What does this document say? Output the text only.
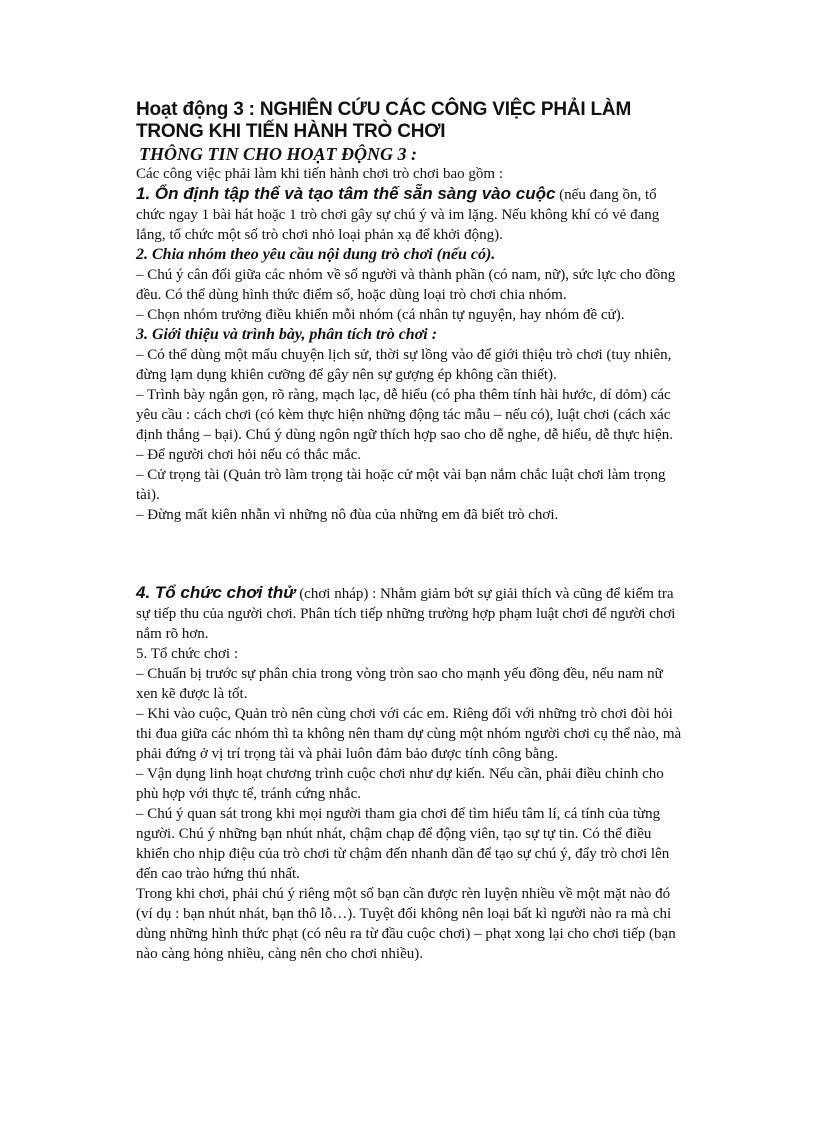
Hoạt động 3 : NGHIÊN CỨU CÁC CÔNG VIỆC PHẢI LÀM
TRONG KHI TIẾN HÀNH TRÒ CHƠI
THÔNG TIN CHO HOẠT ĐỘNG 3 :

Các công việc phải làm khi tiến hành chơi trò chơi bao gồm :

1. Ổn định tập thể và tạo tâm thế sẵn sàng vào cuộc (nếu đang ồn, tổ chức ngay 1 bài hát hoặc 1 trò chơi gây sự chú ý và im lặng. Nếu không khí có vẻ đang lắng, tổ chức một số trò chơi nhỏ loại phản xạ để khởi động).

2. Chia nhóm theo yêu cầu nội dung trò chơi (nếu có).

– Chú ý cân đối giữa các nhóm về số người và thành phần (có nam, nữ), sức lực cho đồng đều. Có thể dùng hình thức điểm số, hoặc dùng loại trò chơi chia nhóm.

– Chọn nhóm trưởng điều khiển mỗi nhóm (cá nhân tự nguyện, hay nhóm đề cử).

3. Giới thiệu và trình bày, phân tích trò chơi :

– Có thể dùng một mẩu chuyện lịch sử, thời sự lồng vào để giới thiệu trò chơi (tuy nhiên, đừng lạm dụng khiên cưỡng để gây nên sự gượng ép không cần thiết).

– Trình bày ngắn gọn, rõ ràng, mạch lạc, dễ hiểu (có pha thêm tính hài hước, dí dỏm) các yêu cầu : cách chơi (có kèm thực hiện những động tác mẫu – nếu có), luật chơi (cách xác định thắng – bại). Chú ý dùng ngôn ngữ thích hợp sao cho dễ nghe, dễ hiểu, dễ thực hiện.

– Để người chơi hỏi nếu có thắc mắc.

– Cử trọng tài (Quản trò làm trọng tài hoặc cử một vài bạn nắm chắc luật chơi làm trọng tài).

– Đừng mất kiên nhẫn vì những nô đùa của những em đã biết trò chơi.

4. Tổ chức chơi thử (chơi nháp) : Nhằm giảm bớt sự giải thích và cũng để kiểm tra sự tiếp thu của người chơi. Phân tích tiếp những trường hợp phạm luật chơi để người chơi nắm rõ hơn.

5. Tổ chức chơi :

– Chuẩn bị trước sự phân chia trong vòng tròn sao cho mạnh yếu đồng đều, nếu nam nữ xen kẽ được là tốt.

– Khi vào cuộc, Quản trò nên cùng chơi với các em. Riêng đối với những trò chơi đòi hỏi thi đua giữa các nhóm thì ta không nên tham dự cùng một nhóm người chơi cụ thể nào, mà phải đứng ở vị trí trọng tài và phải luôn đảm bảo được tính công bằng.

– Vận dụng linh hoạt chương trình cuộc chơi như dự kiến. Nếu cần, phải điều chỉnh cho phù hợp với thực tế, tránh cứng nhắc.

– Chú ý quan sát trong khi mọi người tham gia chơi để tìm hiểu tâm lí, cá tính của từng người. Chú ý những bạn nhút nhát, chậm chạp để động viên, tạo sự tự tin. Có thể điều khiển cho nhịp điệu của trò chơi từ chậm đến nhanh dần để tạo sự chú ý, đẩy trò chơi lên đến cao trào hứng thú nhất.

Trong khi chơi, phải chú ý riêng một số bạn cần được rèn luyện nhiều về một mặt nào đó (ví dụ : bạn nhút nhát, bạn thô lỗ…). Tuyệt đối không nên loại bất kì người nào ra mà chỉ dùng những hình thức phạt (có nêu ra từ đầu cuộc chơi) – phạt xong lại cho chơi tiếp (bạn nào càng hỏng nhiều, càng nên cho chơi nhiều).
